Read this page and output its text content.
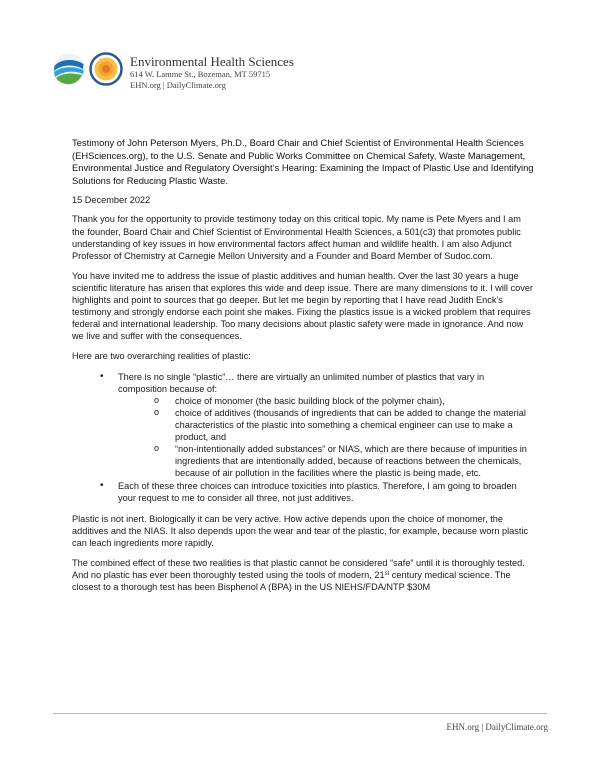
Environmental Health Sciences
614 W. Lamme St., Bozeman, MT 59715
EHN.org | DailyClimate.org

Testimony of John Peterson Myers, Ph.D., Board Chair and Chief Scientist of Environmental Health Sciences (EHSciences.org), to the U.S. Senate and Public Works Committee on Chemical Safety, Waste Management, Environmental Justice and Regulatory Oversight’s Hearing: Examining the Impact of Plastic Use and Identifying Solutions for Reducing Plastic Waste.

15 December 2022

Thank you for the opportunity to provide testimony today on this critical topic. My name is Pete Myers and I am the founder, Board Chair and Chief Scientist of Environmental Health Sciences, a 501(c3) that promotes public understanding of key issues in how environmental factors affect human and wildlife health. I am also Adjunct Professor of Chemistry at Carnegie Mellon University and a Founder and Board Member of Sudoc.com.

You have invited me to address the issue of plastic additives and human health. Over the last 30 years a huge scientific literature has arisen that explores this wide and deep issue. There are many dimensions to it. I will cover highlights and point to sources that go deeper. But let me begin by reporting that I have read Judith Enck’s testimony and strongly endorse each point she makes. Fixing the plastics issue is a wicked problem that requires federal and international leadership. Too many decisions about plastic safety were made in ignorance. And now we live and suffer with the consequences.

Here are two overarching realities of plastic:

• There is no single “plastic”… there are virtually an unlimited number of plastics that vary in composition because of:
o choice of monomer (the basic building block of the polymer chain),
o choice of additives (thousands of ingredients that can be added to change the material characteristics of the plastic into something a chemical engineer can use to make a product, and
o “non-intentionally added substances” or NIAS, which are there because of impurities in ingredients that are intentionally added, because of reactions between the chemicals, because of air pollution in the facilities where the plastic is being made, etc.
• Each of these three choices can introduce toxicities into plastics. Therefore, I am going to broaden your request to me to consider all three, not just additives.

Plastic is not inert. Biologically it can be very active. How active depends upon the choice of monomer, the additives and the NIAS. It also depends upon the wear and tear of the plastic, for example, because worn plastic can leach ingredients more rapidly.

The combined effect of these two realities is that plastic cannot be considered “safe” until it is thoroughly tested. And no plastic has ever been thoroughly tested using the tools of modern, 21st century medical science. The closest to a thorough test has been Bisphenol A (BPA) in the US NIEHS/FDA/NTP $30M

EHN.org | DailyClimate.org
